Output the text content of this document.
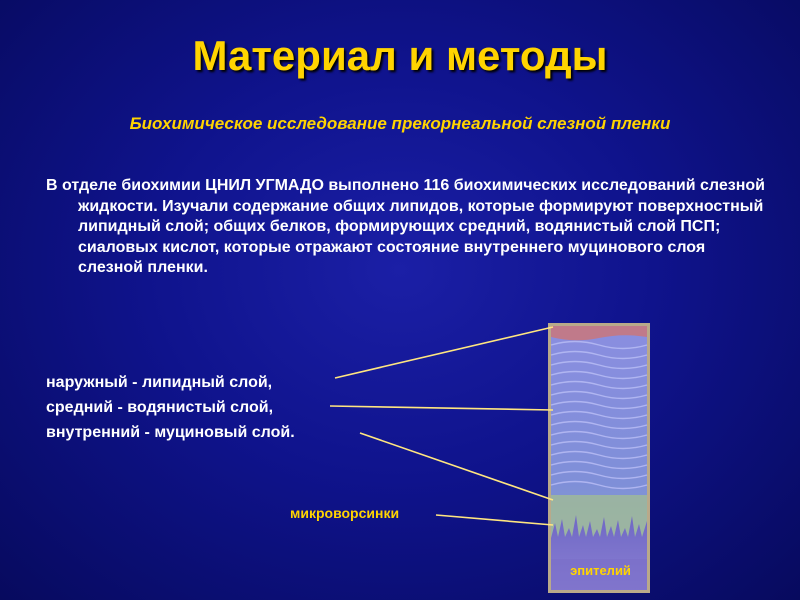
Материал и методы
Биохимическое исследование прекорнеальной слезной пленки
В отделе биохимии ЦНИЛ УГМАДО выполнено 116 биохимических исследований слезной жидкости. Изучали содержание общих липидов, которые формируют поверхностный липидный слой; общих белков, формирующих средний, водянистый слой ПСП; сиаловых кислот, которые отражают состояние внутреннего муцинового слоя слезной пленки.
наружный - липидный слой,
средний - водянистый слой,
внутренний - муциновый слой.
микроворсинки
эпителий
